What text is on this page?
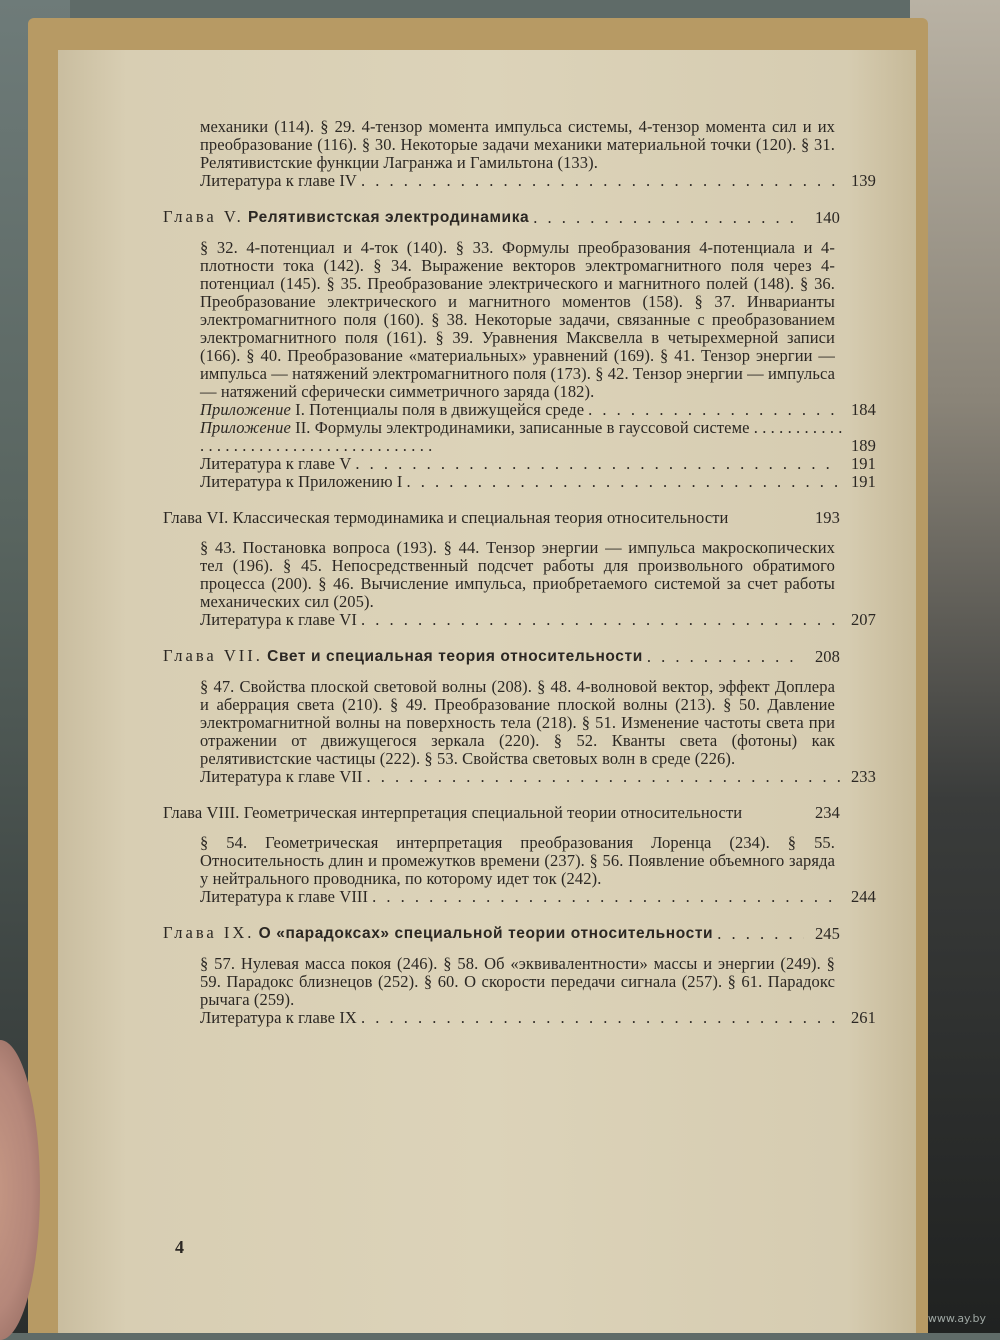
механики (114). § 29. 4-тензор момента импульса системы, 4-тензор момента сил и их преобразование (116). § 30. Некоторые задачи механики материальной точки (120). § 31. Релятивистские функции Лагранжа и Гамильтона (133).

Литература к главе IV . . .	139
Глава V. Релятивистская электродинамика . . .	140

§ 32. 4-потенциал и 4-ток (140). § 33. Формулы преобразования 4-потенциала и 4-плотности тока (142). § 34. Выражение векторов электромагнитного поля через 4-потенциал (145). § 35. Преобразование электрического и магнитного полей (148). § 36. Преобразование электрического и магнитного моментов (158). § 37. Инварианты электромагнитного поля (160). § 38. Некоторые задачи, связанные с преобразованием электромагнитного поля (161). § 39. Уравнения Максвелла в четырехмерной записи (166). § 40. Преобразование «материальных» уравнений (169). § 41. Тензор энергии — импульса — натяжений электромагнитного поля (173). § 42. Тензор энергии — импульса — натяжений сферически симметричного заряда (182).

Приложение I. Потенциалы поля в движущейся среде . . .	184
Приложение II. Формулы электродинамики, записанные в гауссовой системе . . . . . . . . . . . . . . . . . . . . . . . . . . . . . . . . . . . . . . .	189
Литература к главе V . . .	191
Литература к Приложению I . . .	191
Глава VI. Классическая термодинамика и специальная теория относительности	193

§ 43. Постановка вопроса (193). § 44. Тензор энергии — импульса макроскопических тел (196). § 45. Непосредственный подсчет работы для произвольного обратимого процесса (200). § 46. Вычисление импульса, приобретаемого системой за счет работы механических сил (205).

Литература к главе VI . . .	207
Глава VII. Свет и специальная теория относительности . . .	208

§ 47. Свойства плоской световой волны (208). § 48. 4-волновой вектор, эффект Доплера и аберрация света (210). § 49. Преобразование плоской волны (213). § 50. Давление электромагнитной волны на поверхность тела (218). § 51. Изменение частоты света при отражении от движущегося зеркала (220). § 52. Кванты света (фотоны) как релятивистские частицы (222). § 53. Свойства световых волн в среде (226).

Литература к главе VII . . .	233
Глава VIII. Геометрическая интерпретация специальной теории относительности	234

§ 54. Геометрическая интерпретация преобразования Лоренца (234). § 55. Относительность длин и промежутков времени (237). § 56. Появление объемного заряда у нейтрального проводника, по которому идет ток (242).

Литература к главе VIII . . .	244
Глава IX. О «парадоксах» специальной теории относительности . . .	245

§ 57. Нулевая масса покоя (246). § 58. Об «эквивалентности» массы и энергии (249). § 59. Парадокс близнецов (252). § 60. О скорости передачи сигнала (257). § 61. Парадокс рычага (259).

Литература к главе IX . . .	261
4
www.ay.by
